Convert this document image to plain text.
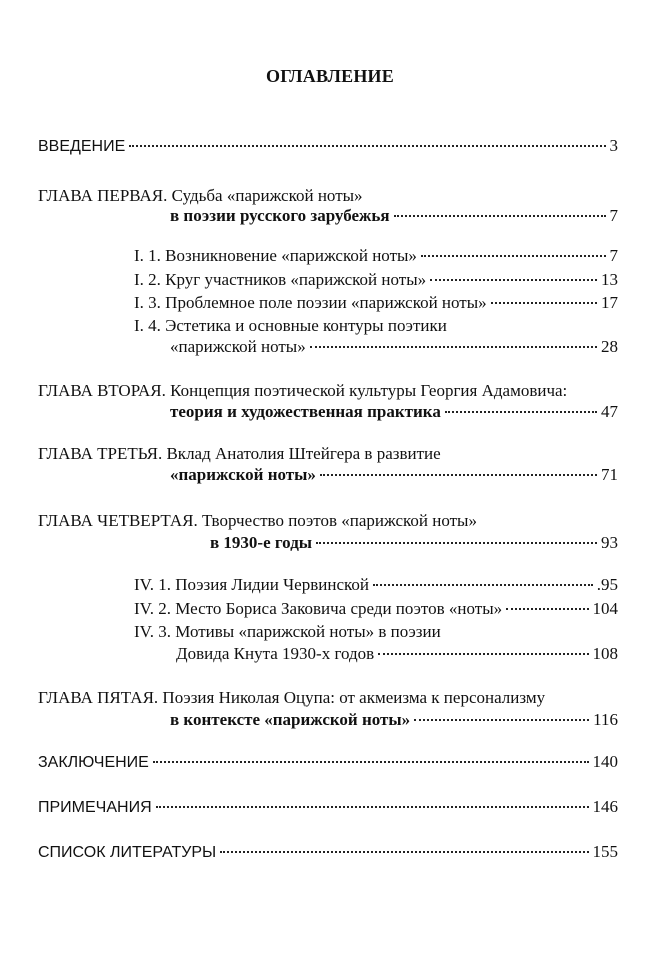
ОГЛАВЛЕНИЕ
ВВЕДЕНИЕ	3
ГЛАВА ПЕРВАЯ. Судьба «парижской ноты»
в поэзии русского зарубежья	7
I. 1. Возникновение «парижской ноты»	7
I. 2. Круг участников «парижской ноты»	13
I. 3. Проблемное поле поэзии «парижской ноты»	17
I. 4. Эстетика и основные контуры поэтики
«парижской ноты»	28
ГЛАВА ВТОРАЯ. Концепция поэтической культуры Георгия Адамовича:
теория и художественная практика	47
ГЛАВА ТРЕТЬЯ. Вклад Анатолия Штейгера в развитие
«парижской ноты»	71
ГЛАВА ЧЕТВЕРТАЯ. Творчество поэтов «парижской ноты»
в 1930-е годы	93
IV. 1. Поэзия Лидии Червинской	.95
IV. 2. Место Бориса Заковича среди поэтов «ноты»	104
IV. 3. Мотивы «парижской ноты» в поэзии
Довида Кнута 1930-х годов	108
ГЛАВА ПЯТАЯ. Поэзия Николая Оцупа: от акмеизма к персонализму
в контексте «парижской ноты»	116
ЗАКЛЮЧЕНИЕ	140
ПРИМЕЧАНИЯ	146
СПИСОК ЛИТЕРАТУРЫ	155
